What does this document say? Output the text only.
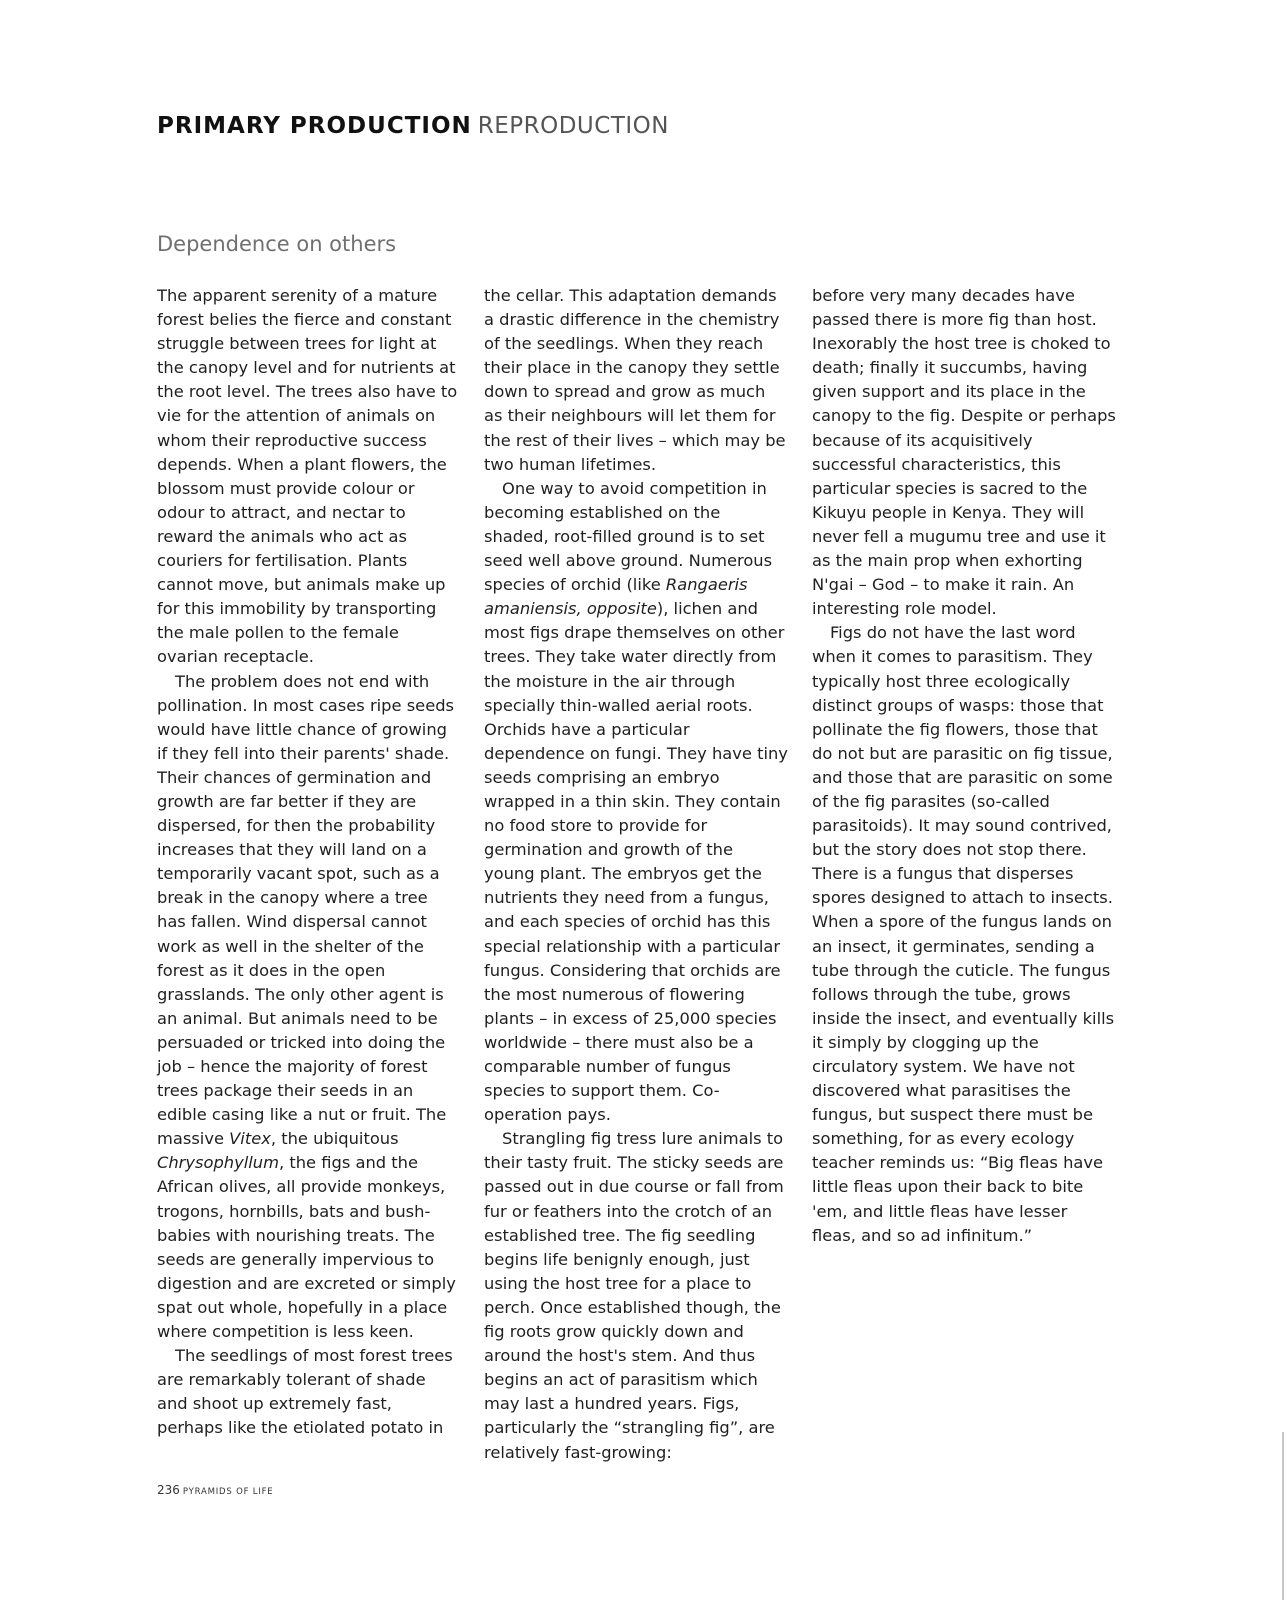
PRIMARY PRODUCTION REPRODUCTION
Dependence on others

The apparent serenity of a mature forest belies the fierce and constant struggle between trees for light at the canopy level and for nutrients at the root level. The trees also have to vie for the attention of animals on whom their reproductive success depends. When a plant flowers, the blossom must provide colour or odour to attract, and nectar to reward the animals who act as couriers for fertilisation. Plants cannot move, but animals make up for this immobility by transporting the male pollen to the female ovarian receptacle.

The problem does not end with pollination. In most cases ripe seeds would have little chance of growing if they fell into their parents' shade. Their chances of germination and growth are far better if they are dispersed, for then the probability increases that they will land on a temporarily vacant spot, such as a break in the canopy where a tree has fallen. Wind dispersal cannot work as well in the shelter of the forest as it does in the open grasslands. The only other agent is an animal. But animals need to be persuaded or tricked into doing the job – hence the majority of forest trees package their seeds in an edible casing like a nut or fruit. The massive Vitex, the ubiquitous Chrysophyllum, the figs and the African olives, all provide monkeys, trogons, hornbills, bats and bush-babies with nourishing treats. The seeds are generally impervious to digestion and are excreted or simply spat out whole, hopefully in a place where competition is less keen.

The seedlings of most forest trees are remarkably tolerant of shade and shoot up extremely fast, perhaps like the etiolated potato in

the cellar. This adaptation demands a drastic difference in the chemistry of the seedlings. When they reach their place in the canopy they settle down to spread and grow as much as their neighbours will let them for the rest of their lives – which may be two human lifetimes.

One way to avoid competition in becoming established on the shaded, root-filled ground is to set seed well above ground. Numerous species of orchid (like Rangaeris amaniensis, opposite), lichen and most figs drape themselves on other trees. They take water directly from the moisture in the air through specially thin-walled aerial roots. Orchids have a particular dependence on fungi. They have tiny seeds comprising an embryo wrapped in a thin skin. They contain no food store to provide for germination and growth of the young plant. The embryos get the nutrients they need from a fungus, and each species of orchid has this special relationship with a particular fungus. Considering that orchids are the most numerous of flowering plants – in excess of 25,000 species worldwide – there must also be a comparable number of fungus species to support them. Co-operation pays.

Strangling fig tress lure animals to their tasty fruit. The sticky seeds are passed out in due course or fall from fur or feathers into the crotch of an established tree. The fig seedling begins life benignly enough, just using the host tree for a place to perch. Once established though, the fig roots grow quickly down and around the host's stem. And thus begins an act of parasitism which may last a hundred years. Figs, particularly the “strangling fig”, are relatively fast-growing:

before very many decades have passed there is more fig than host. Inexorably the host tree is choked to death; finally it succumbs, having given support and its place in the canopy to the fig. Despite or perhaps because of its acquisitively successful characteristics, this particular species is sacred to the Kikuyu people in Kenya. They will never fell a mugumu tree and use it as the main prop when exhorting N'gai – God – to make it rain. An interesting role model.

Figs do not have the last word when it comes to parasitism. They typically host three ecologically distinct groups of wasps: those that pollinate the fig flowers, those that do not but are parasitic on fig tissue, and those that are parasitic on some of the fig parasites (so-called parasitoids). It may sound contrived, but the story does not stop there. There is a fungus that disperses spores designed to attach to insects. When a spore of the fungus lands on an insect, it germinates, sending a tube through the cuticle. The fungus follows through the tube, grows inside the insect, and eventually kills it simply by clogging up the circulatory system. We have not discovered what parasitises the fungus, but suspect there must be something, for as every ecology teacher reminds us: “Big fleas have little fleas upon their back to bite 'em, and little fleas have lesser fleas, and so ad infinitum.”

236 PYRAMIDS OF LIFE
